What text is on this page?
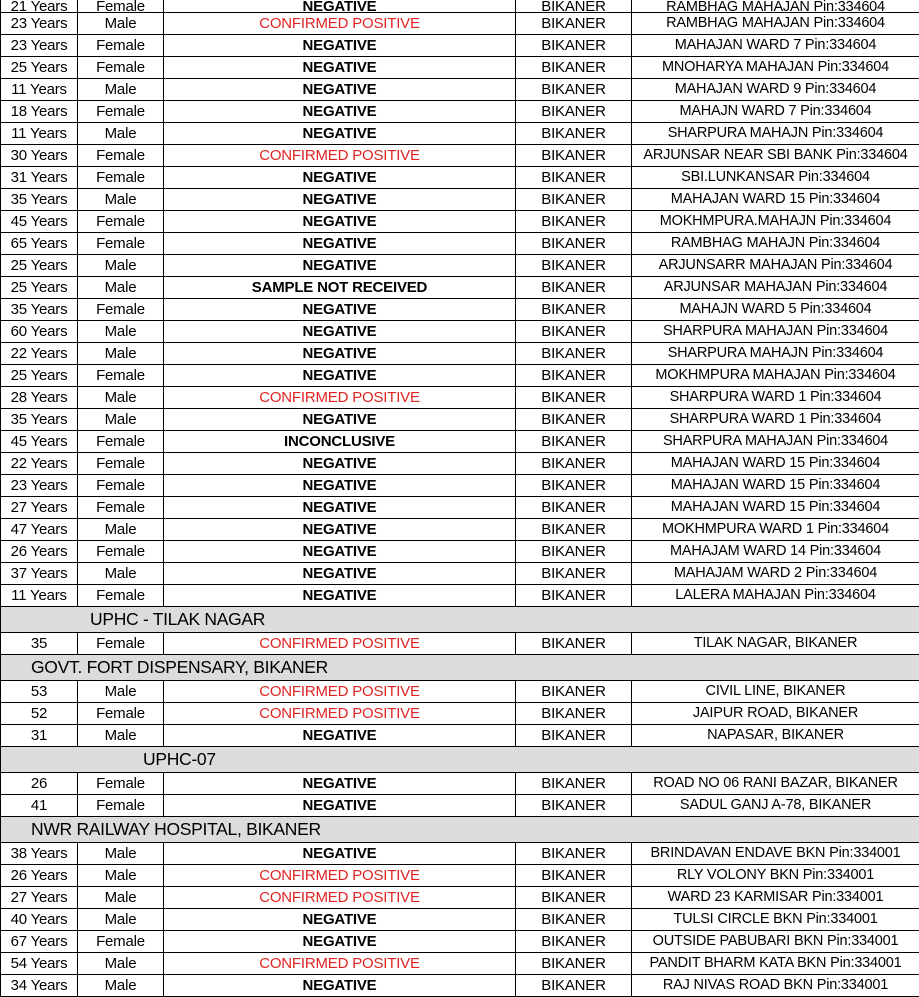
21 Years	Female	NEGATIVE	BIKANER	RAMBHAG MAHAJAN Pin:334604
23 Years	Male	CONFIRMED POSITIVE	BIKANER	RAMBHAG MAHAJAN Pin:334604
23 Years	Female	NEGATIVE	BIKANER	MAHAJAN WARD 7 Pin:334604
25 Years	Female	NEGATIVE	BIKANER	MNOHARYA MAHAJAN Pin:334604
11 Years	Male	NEGATIVE	BIKANER	MAHAJAN WARD 9 Pin:334604
18 Years	Female	NEGATIVE	BIKANER	MAHAJN WARD 7 Pin:334604
11 Years	Male	NEGATIVE	BIKANER	SHARPURA MAHAJN Pin:334604
30 Years	Female	CONFIRMED POSITIVE	BIKANER	ARJUNSAR NEAR SBI BANK Pin:334604
31 Years	Female	NEGATIVE	BIKANER	SBI.LUNKANSAR Pin:334604
35 Years	Male	NEGATIVE	BIKANER	MAHAJAN WARD 15 Pin:334604
45 Years	Female	NEGATIVE	BIKANER	MOKHMPURA.MAHAJN Pin:334604
65 Years	Female	NEGATIVE	BIKANER	RAMBHAG MAHAJN Pin:334604
25 Years	Male	NEGATIVE	BIKANER	ARJUNSARR MAHAJAN Pin:334604
25 Years	Male	SAMPLE NOT RECEIVED	BIKANER	ARJUNSAR MAHAJAN Pin:334604
35 Years	Female	NEGATIVE	BIKANER	MAHAJN WARD 5 Pin:334604
60 Years	Male	NEGATIVE	BIKANER	SHARPURA MAHAJAN Pin:334604
22 Years	Male	NEGATIVE	BIKANER	SHARPURA MAHAJN Pin:334604
25 Years	Female	NEGATIVE	BIKANER	MOKHMPURA MAHAJAN Pin:334604
28 Years	Male	CONFIRMED POSITIVE	BIKANER	SHARPURA WARD 1 Pin:334604
35 Years	Male	NEGATIVE	BIKANER	SHARPURA WARD 1 Pin:334604
45 Years	Female	INCONCLUSIVE	BIKANER	SHARPURA MAHAJAN Pin:334604
22 Years	Female	NEGATIVE	BIKANER	MAHAJAN WARD 15 Pin:334604
23 Years	Female	NEGATIVE	BIKANER	MAHAJAN WARD 15 Pin:334604
27 Years	Female	NEGATIVE	BIKANER	MAHAJAN WARD 15 Pin:334604
47 Years	Male	NEGATIVE	BIKANER	MOKHMPURA WARD 1 Pin:334604
26 Years	Female	NEGATIVE	BIKANER	MAHAJAM WARD 14 Pin:334604
37 Years	Male	NEGATIVE	BIKANER	MAHAJAM WARD 2 Pin:334604
11 Years	Female	NEGATIVE	BIKANER	LALERA MAHAJAN Pin:334604
UPHC - TILAK NAGAR				
35	Female	CONFIRMED POSITIVE	BIKANER	TILAK NAGAR, BIKANER
GOVT. FORT DISPENSARY, BIKANER				
53	Male	CONFIRMED POSITIVE	BIKANER	CIVIL LINE, BIKANER
52	Female	CONFIRMED POSITIVE	BIKANER	JAIPUR ROAD, BIKANER
31	Male	NEGATIVE	BIKANER	NAPASAR, BIKANER
UPHC-07				
26	Female	NEGATIVE	BIKANER	ROAD NO 06 RANI BAZAR, BIKANER
41	Female	NEGATIVE	BIKANER	SADUL GANJ A-78, BIKANER
NWR RAILWAY HOSPITAL, BIKANER				
38 Years	Male	NEGATIVE	BIKANER	BRINDAVAN ENDAVE BKN Pin:334001
26 Years	Male	CONFIRMED POSITIVE	BIKANER	RLY VOLONY BKN Pin:334001
27 Years	Male	CONFIRMED POSITIVE	BIKANER	WARD 23 KARMISAR Pin:334001
40 Years	Male	NEGATIVE	BIKANER	TULSI CIRCLE BKN Pin:334001
67 Years	Female	NEGATIVE	BIKANER	OUTSIDE PABUBARI BKN Pin:334001
54 Years	Male	CONFIRMED POSITIVE	BIKANER	PANDIT BHARM KATA BKN Pin:334001
34 Years	Male	NEGATIVE	BIKANER	RAJ NIVAS ROAD BKN Pin:334001
